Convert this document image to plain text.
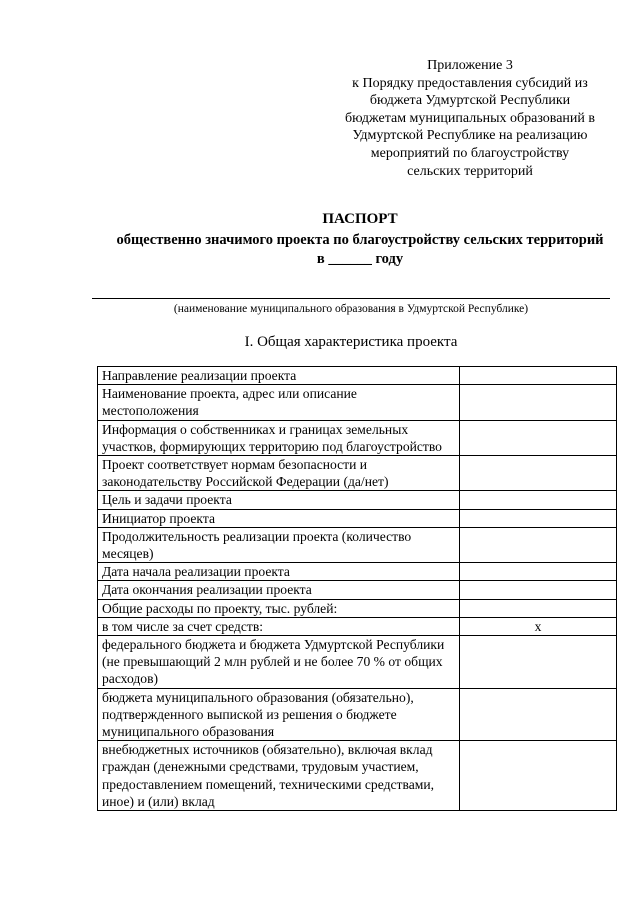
Приложение 3
к Порядку предоставления субсидий из
бюджета Удмуртской Республики
бюджетам муниципальных образований в
Удмуртской Республике на реализацию
мероприятий по благоустройству
сельских территорий
ПАСПОРТ
общественно значимого проекта по благоустройству сельских территорий
в ______ году
(наименование муниципального образования в Удмуртской Республике)
I. Общая характеристика проекта
Направление реализации проекта	
Наименование проекта, адрес или описание местоположения	
Информация о собственниках и границах земельных участков, формирующих территорию под благоустройство	
Проект соответствует нормам безопасности и законодательству Российской Федерации (да/нет)	
Цель и задачи проекта	
Инициатор проекта	
Продолжительность реализации проекта (количество месяцев)	
Дата начала реализации проекта	
Дата окончания реализации проекта	
Общие расходы по проекту, тыс. рублей:	
в том числе за счет средств:	х
федерального бюджета и бюджета Удмуртской Республики (не превышающий 2 млн рублей и не более 70 % от общих расходов)	
бюджета муниципального образования (обязательно), подтвержденного выпиской из решения о бюджете муниципального образования	
внебюджетных источников (обязательно), включая вклад граждан (денежными средствами, трудовым участием, предоставлением помещений, техническими средствами, иное) и (или) вклад	
